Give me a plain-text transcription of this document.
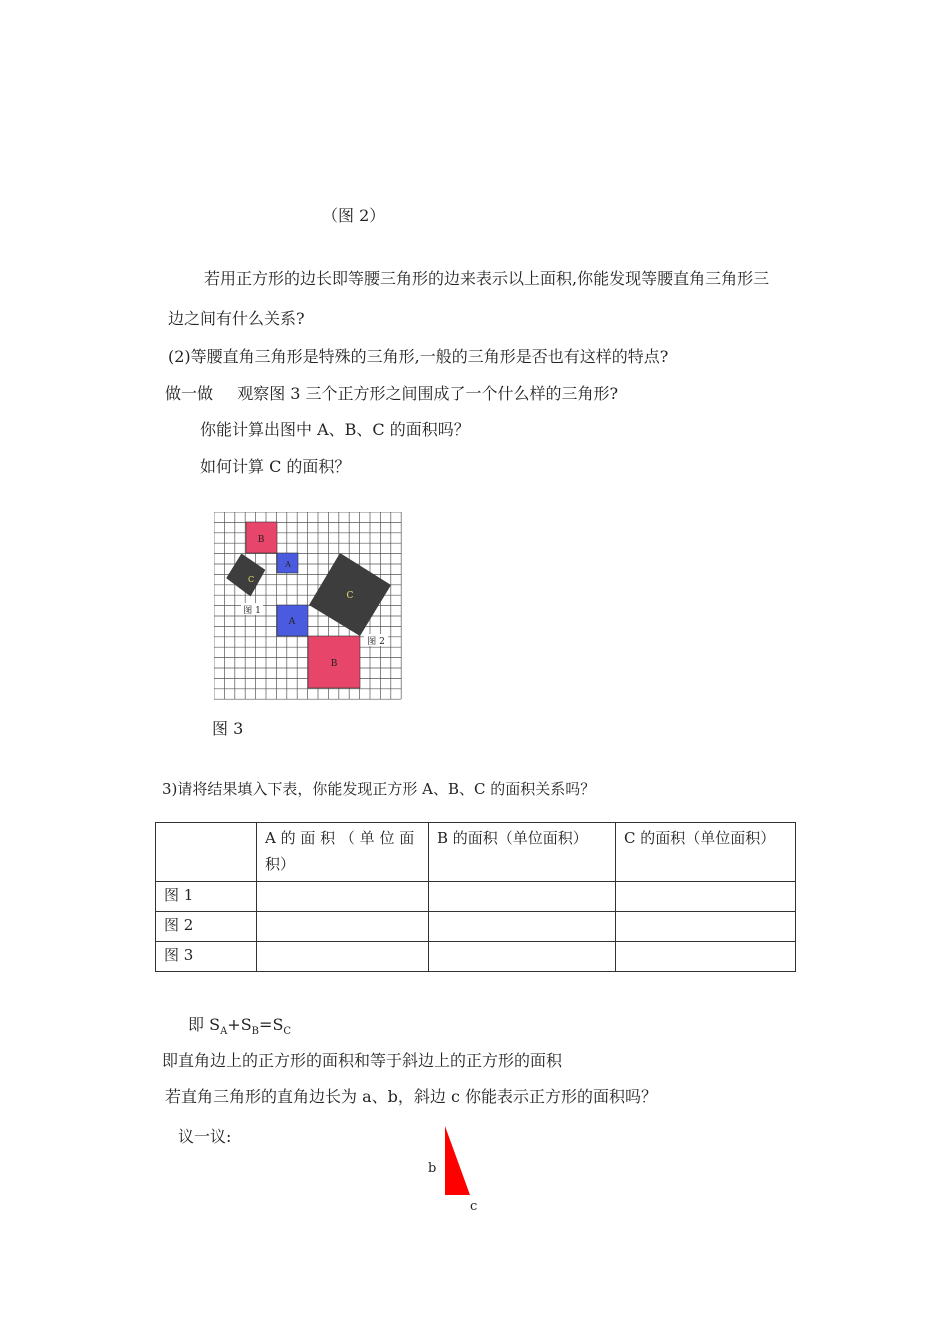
（图 2）
若用正方形的边长即等腰三角形的边来表示以上面积,你能发现等腰直角三角形三
边之间有什么关系?
(2)等腰直角三角形是特殊的三角形,一般的三角形是否也有这样的特点?
做一做 观察图 3 三个正方形之间围成了一个什么样的三角形?
你能计算出图中 A、B、C 的面积吗？
如何计算 C 的面积？
B
A
C
C
A
B
图 1
图 2
图 3
3)请将结果填入下表，你能发现正方形 A、B、C 的面积关系吗？
	A 的 面 积 （ 单 位 面 积）	B 的面积（单位面积）	C 的面积（单位面积）
图 1			
图 2			
图 3			
即 $S_A+S_B=S_C$
即直角边上的正方形的面积和等于斜边上的正方形的面积
若直角三角形的直角边长为 a、b，斜边 c 你能表示正方形的面积吗？
议一议:
b
c
